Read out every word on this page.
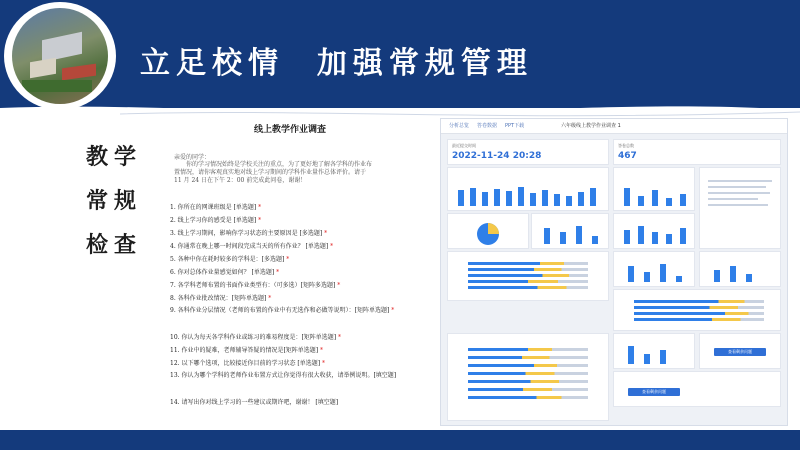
立足校情  加强常规管理
教学
常规
检查
线上教学作业调查
亲爱的同学：
你的学习情况始终是学校关注的重点，为了更好地了解各学科的作业布置情况，请你客观真实地对线上学习期间的学科作业量作总体评价。请于 11 月 24 日在下午 2：00 前完成此问卷，谢谢！
1. 你所在的网课班级是 [单选题] *
2. 线上学习你的感受是 [单选题] *
3. 线上学习期间，影响你学习状态的主要原因是 [多选题] *
4. 你通常在晚上哪一时间段完成当天的所有作业？ [单选题] *
5. 各种中你在耗时较多的学科是：[多选题] *
6. 你对总体作业量感觉如何？ [单选题] *
7. 各学科老师布置的书面作业类型有：（可多选）[矩阵多选题] *
8. 各科作业批改情况：[矩阵单选题] *
9. 各科作业分层情况（老师的布置的作业中有无选作和必做等说明）：[矩阵单选题] *
10. 你认为每天各学科作业或练习的难易程度是：[矩阵单选题] *
11. 作业中的疑难，老师辅导答疑的情况是[矩阵单选题] *
12. 以下哪个选项，比较接近你目前的学习状态 [单选题] *
13. 你认为哪个学科的老师作业布置方式让你觉得有很大收获，请举例说明。[填空题]
14. 请写出你对线上学习的一些建议或期许吧，谢谢！ [填空题]
分析总览 答卷数据 PPT下载	六年级线上教学作业调查 1
最近提交时间
2022-11-24 20:28
答卷总数
467
查看剩余问题
查看剩余问题
